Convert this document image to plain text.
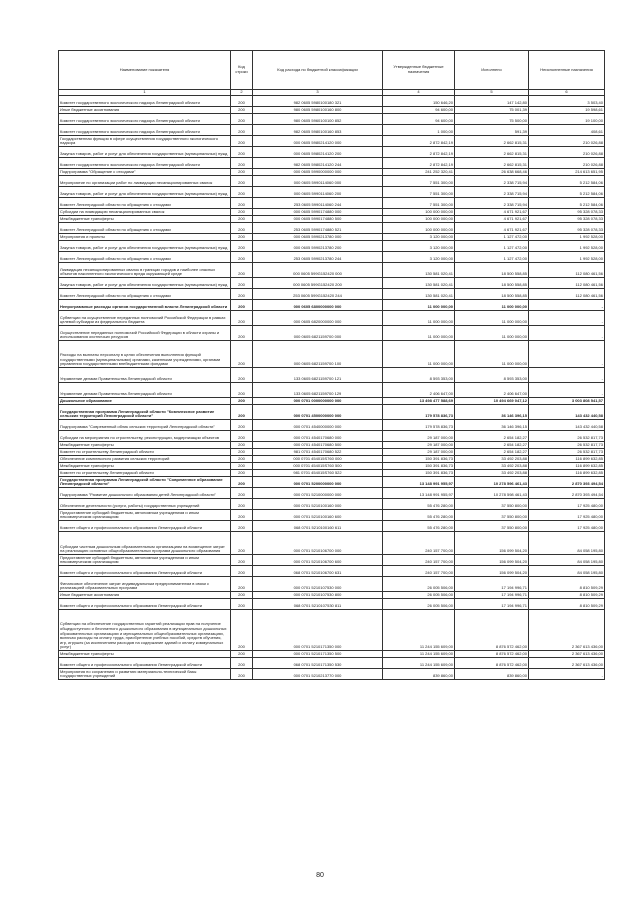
Наименование показателя	Код строки	Код расхода по бюджетной классификации	Утвержденные бюджетные назначения	Исполнено	Неисполненные назначения
1	2	3	4	5	6
Комитет государственного экологического надзора Ленинградской области	200	982 0605 5980100180 321	150 646,20	147 142,80	3 503,40
Иные бюджетные ассигнования	200	980 0605 5980100160 800	94 600,00	75 001,39	19 598,61
Комитет государственного экологического надзора Ленинградской области	200	980 0605 5960100100 852	94 600,00	75 500,00	19 100,00
Комитет государственного экологического надзора Ленинградской области	200	982 0605 5980100160 853	1 000,00	591,39	408,61
Государственная функция в сфере осуществления государственного экологического надзора	200	000 0605 5980214120 000	2 872 842,19	2 662 815,31	210 026,88
Закупка товаров, работ и услуг для обеспечения государственных (муниципальных) нужд	200	000 0605 5980214120 200	2 872 842,19	2 662 815,31	210 026,88
Комитет государственного экологического надзора Ленинградской области	200	982 0605 5980214120 244	2 872 842,19	2 662 815,31	210 026,88
Подпрограмма "Обращение с отходами"	200	000 0605 5990000000 000	241 252 320,41	26 638 668,46	214 613 651,95
Мероприятие по организации работ по ликвидации несанкционированных свалок	200	000 0605 5990114060 000	7 551 300,00	2 338 715,94	5 212 584,06
Закупка товаров, работ и услуг для обеспечения государственных (муниципальных) нужд	200	000 0605 5990114060 200	7 551 300,00	2 338 715,94	5 212 584,06
Комитет Ленинградской области по обращению с отходами	200	253 0605 5990114060 244	7 551 300,00	2 338 715,94	5 212 584,06
Субсидии на ликвидацию несанкционированных свалок	200	000 0605 5990174880 000	100 000 000,00	4 671 921,67	95 328 078,33
Межбюджетные трансферты	200	000 0605 5990174880 500	100 000 000,00	4 671 921,67	95 328 078,33
Комитет Ленинградской области по обращению с отходами	200	253 0605 5990174880 521	100 000 000,00	4 671 921,67	95 328 078,33
Мероприятия и проекты	200	000 0605 5990213780 000	3 120 000,00	1 127 472,00	1 992 528,00
Закупка товаров, работ и услуг для обеспечения государственных (муниципальных) нужд	200	000 0605 5990213780 200	3 120 000,00	1 127 472,00	1 992 528,00
Комитет Ленинградской области по обращению с отходами	200	253 0605 5990213780 244	3 120 000,00	1 127 472,00	1 992 528,00
Ликвидация несанкционированных свалок в границах городов и наиболее опасных объектов накопленного экологического вреда окружающей среде	200	000 0605 599G152420 000	130 581 020,41	18 500 558,85	112 080 461,56
Закупка товаров, работ и услуг для обеспечения государственных (муниципальных) нужд	200	000 0605 599G152420 200	130 581 020,41	18 500 558,85	112 080 461,56
Комитет Ленинградской области по обращению с отходами	200	253 0605 599G152420 244	130 581 020,41	18 500 558,85	112 080 461,56
Непрограммные расходы органов государственной власти Ленинградской области	200	000 0605 6800000000 000	11 000 000,00	11 000 000,00	-
Субвенции на осуществление переданных полномочий Российской Федерации в рамках целевой субсидии из федерального бюджета	200	000 0605 6820000000 000	11 000 000,00	11 000 000,00	-
Осуществление переданных полномочий Российской Федерации в области охраны и использования охотничьих ресурсов	200	000 0605 6821159700 000	11 000 000,00	11 000 000,00	-
Расходы на выплаты персоналу в целях обеспечения выполнения функций государственными (муниципальными) органами, казенными учреждениями, органами управления государственными внебюджетными фондами	200	000 0605 6821159700 100	11 000 000,00	11 000 000,00	-
Управление делами Правительства Ленинградской области	200	133 0605 6821159700 121	8 593 353,00	8 593 353,00	-
Управление делами Правительства Ленинградской области	200	133 0605 6821159700 129	2 406 647,00	2 406 647,00	-
Дошкольное образование	200	000 0701 0000000000 000	13 498 477 588,69	10 494 669 047,12	3 003 808 541,57
Государственная программа Ленинградской области "Комплексное развитие сельских территорий Ленинградской области"	200	000 0701 4500000000 000	179 578 836,73	36 146 396,15	143 432 440,58
Подпрограмма "Современный облик сельских территорий Ленинградской области"	200	000 0701 4540000000 000	179 578 836,73	36 146 396,15	143 432 440,58
Субсидии на мероприятия по строительству, реконструкции, модернизации объектов	200	000 0701 4540170680 000	29 187 000,00	2 654 182,27	26 532 817,73
Межбюджетные трансферты	200	000 0701 4540170680 500	29 187 000,00	2 654 182,27	26 532 817,73
Комитет по строительству Ленинградской области	200	981 0701 4540170680 522	29 187 000,00	2 654 182,27	26 532 817,73
Обеспечение комплексного развития сельских территорий	200	000 0701 454015S760 000	150 391 836,73	33 492 203,88	116 899 632,85
Межбюджетные трансферты	200	000 0701 454015S760 500	150 391 836,73	33 492 203,88	116 899 632,85
Комитет по строительству Ленинградской области	200	981 0701 454015S760 522	150 391 836,73	33 492 203,88	116 899 632,85
Государственная программа Ленинградской области "Современное образование Ленинградской области"	200	000 0701 5200000000 000	13 148 991 955,97	10 278 596 461,43	2 870 393 494,54
Подпрограмма "Развитие дошкольного образования детей Ленинградской области"	200	000 0701 5210000000 000	13 148 991 955,97	10 278 598 461,43	2 870 393 494,54
Обеспечение деятельности (услуги, работы) государственных учреждений	200	000 0701 5210100160 000	55 476 280,00	37 550 800,00	17 925 480,00
Предоставление субсидий бюджетным, автономным учреждениям и иным некоммерческим организациям	200	000 0701 5210100160 600	55 476 280,00	37 550 800,00	17 925 480,00
Комитет общего и профессионального образования Ленинградской области	200	068 0701 5210100160 611	55 476 280,00	37 550 800,00	17 925 480,00
Субсидии частным дошкольным образовательным организациям на возмещение затрат на реализацию основных общеобразовательных программ дошкольного образования	200	000 0701 5210106700 000	240 157 700,00	156 099 504,20	84 058 195,80
Предоставление субсидий бюджетным, автономным учреждениям и иным некоммерческим организациям	200	000 0701 5210106700 600	240 157 700,00	156 099 504,20	84 058 195,80
Комитет общего и профессионального образования Ленинградской области	200	068 0701 5210106700 631	240 157 700,00	156 099 504,20	84 058 195,80
Финансовое обеспечение затрат индивидуальным предпринимателям в связи с реализацией образовательных программ	200	000 0701 5210107530 000	26 005 506,00	17 194 996,71	8 810 509,29
Иные бюджетные ассигнования	200	000 0701 5210107530 800	26 005 506,00	17 194 996,71	8 810 509,29
Комитет общего и профессионального образования Ленинградской области	200	068 0701 5210107530 811	26 005 506,00	17 194 996,71	8 810 509,29
Субвенции на обеспечение государственных гарантий реализации прав на получение общедоступного и бесплатного дошкольного образования в муниципальных дошкольных образовательных организациях и муниципальных общеобразовательных организациях, включая расходы на оплату труда, приобретение учебных пособий, средств обучения, игр, игрушек (за исключением расходов на содержание зданий и оплату коммунальных услуг)	200	000 0701 5210171350 000	11 244 155 609,00	8 876 572 462,00	2 367 613 436,00
Межбюджетные трансферты	200	000 0701 5210171350 500	11 244 155 609,00	8 876 572 462,00	2 367 613 436,00
Комитет общего и профессионального образования Ленинградской области	200	068 0701 5210171350 530	11 244 155 609,00	8 876 572 462,00	2 367 613 436,00
Мероприятия по сохранению и развитию материально-технической базы государственных учреждений	200	000 0701 5210213770 000	839 860,00	839 860,00	-
80
